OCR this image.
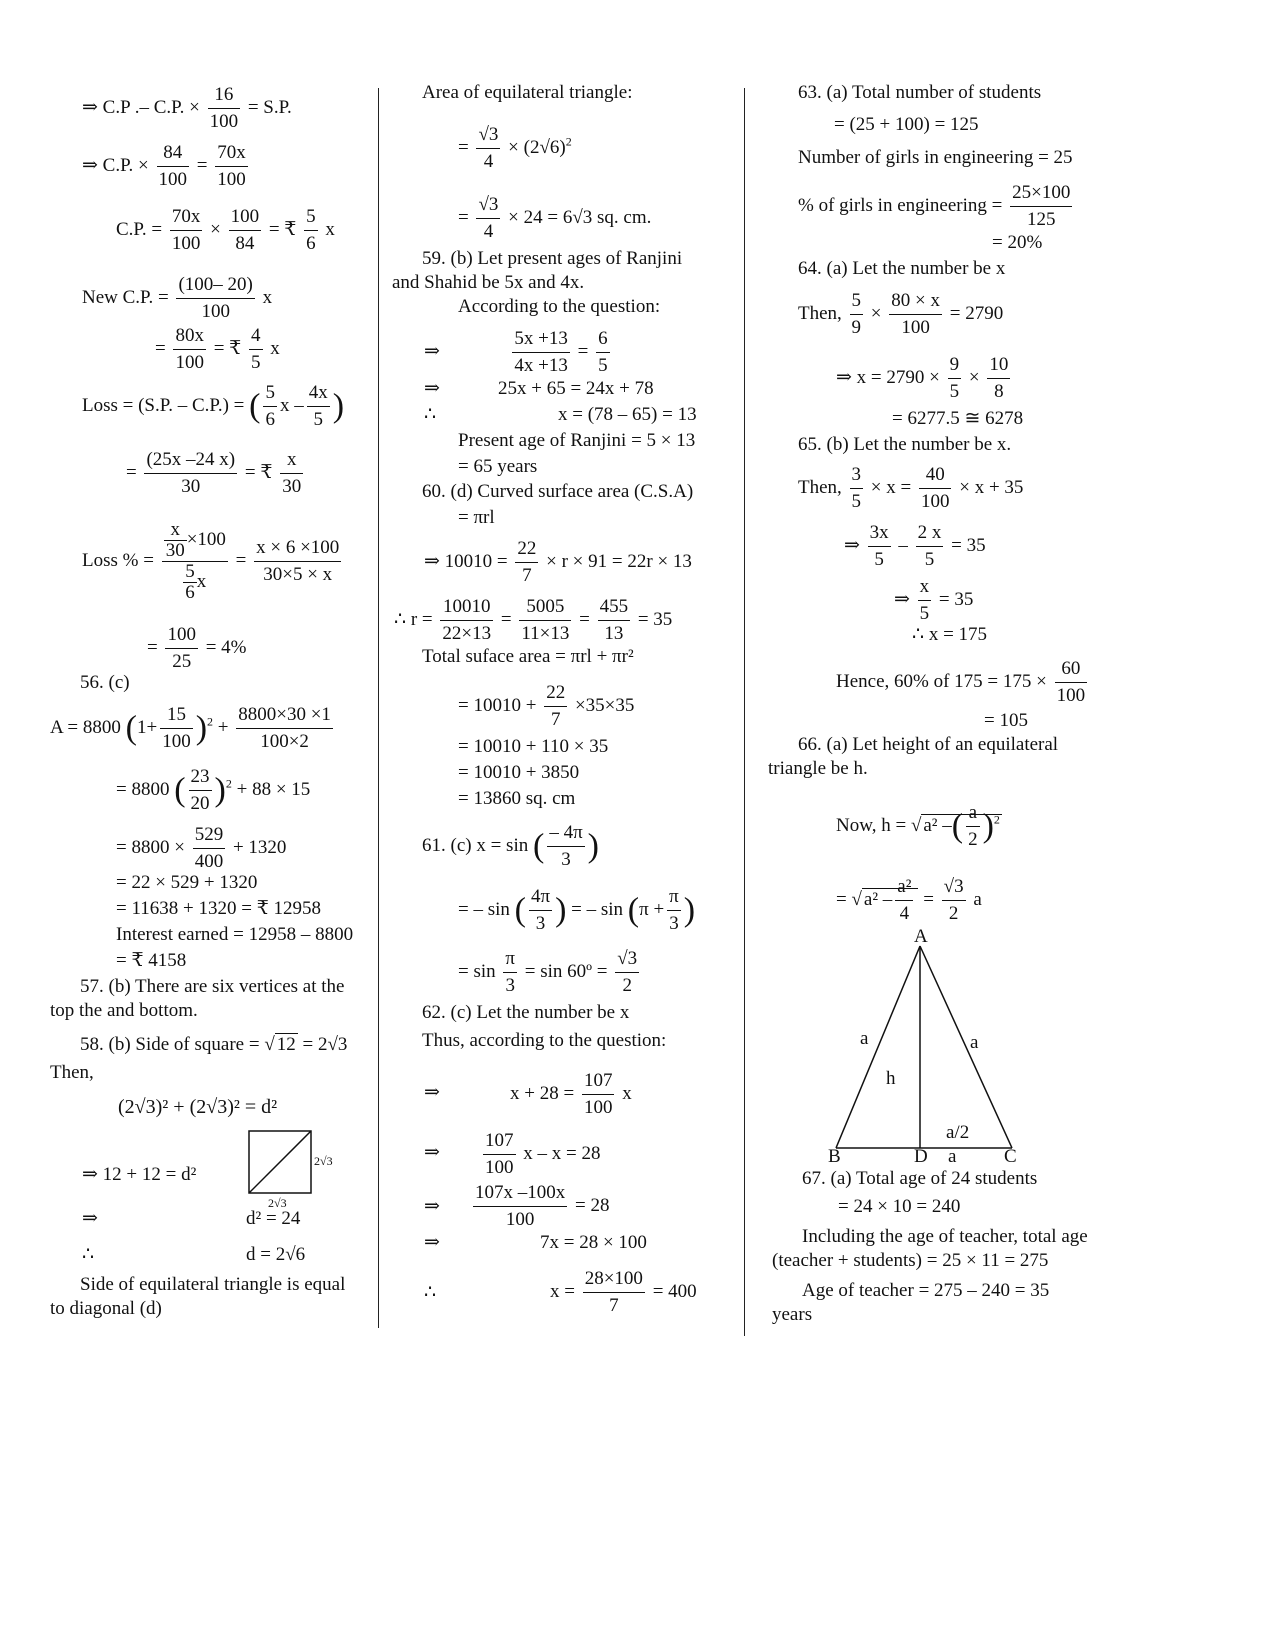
⇒ C.P .– C.P. × $\frac{16}{100} = S.P$.
⇒ C.P. × $\frac{84}{100} = \frac{70x}{100}$
C.P. = $\frac{70x}{100} \times \frac{100}{84}$ = ₹ $\frac{5}{6}$ x
New C.P. = $\frac{(100- 20)}{100}$ x
= $\frac{80x}{100}$ = ₹ $\frac{4}{5}$ x
Loss = (S.P. – C.P.) = ( $\frac{5}{6}$ x – $\frac{4x}{5}$ )
= $\frac{(25x -24 x)}{30}$ = ₹ $\frac{x}{30}$
Loss % = $\frac{\frac{x}{30} \times 100}{\frac{5}{6} x} = \frac{x \times 6 \times 100}{30\times 5 \times x}$
= $\frac{100}{25} = 4\%$
56. (c)
A = 8800 $(1+ \frac{15}{100} )^2 + \frac{8800\times 30 \times 1}{100\times 2}$
= 8800 ( $\frac{23}{20} )^2 + 88 \times 15$
= $8800 \times \frac{529}{400} + 1320$
= 22 × 529 + 1320
= 11638 + 1320 = ₹ 12958
Interest earned = 12958 – 8800
= ₹ 4158
57. (b) There are six vertices at the
top the and bottom.
58. (b) Side of square = √ 12 = 2√3
Then,
(2√3)² + (2√3)² = d²
⇒ 12 + 12 = d²
2√3
2√3
⇒	d² = 24
∴	d = 2√6
Side of equilateral triangle is equal
to diagonal (d)
Area of equilateral triangle:
= $\frac{√3}{4} \times (2√6)^2$
= $\frac{√3}{4} \times 24 = 6√3$ sq. cm.
59. (b) Let present ages of Ranjini
and Shahid be 5x and 4x.
According to the question:
⇒	$\frac{5x +13}{4x +13} = \frac{6}{5}$
⇒	25x + 65 = 24x + 78
∴	x = (78 – 65) = 13
Present age of Ranjini = 5 × 13
= 65 years
60. (d) Curved surface area (C.S.A)
= πrl
⇒ $10010 = \frac{22}{7} \times r \times 91 = 22r \times 13$
∴ $r = \frac{10010}{22\times 13} = \frac{5005}{11\times 13} = \frac{455}{13} = 35$
Total suface area = πrl + πr²
= $10010 + \frac{22}{7} \times 35\times 35$
= 10010 + 110 × 35
= 10010 + 3850
= 13860 sq. cm
61. (c) x = sin ( $\frac{- 4\pi}{3}$ )
= – sin ( $\frac{4\pi}{3}$ ) = – $\sin (\pi + \frac{\pi}{3}$ )
= $\sin \frac{\pi}{3} = \sin$ 60º = $\frac{√3}{2}$
62. (c) Let the number be x
Thus, according to the question:
⇒	$x + 28 = \frac{107}{100}$ x
⇒ $\frac{107}{100}$ x – x = 28
⇒ $\frac{107x -100x}{100} = 28$
⇒	7x = 28 × 100
∴	$x = \frac{28\times 100}{7} = 400$
63. (a) Total number of students
= (25 + 100) = 125
Number of girls in engineering = 25
% of girls in engineering = $\frac{25\times 100}{125}$
= 20%
64. (a) Let the number be x
Then, $\frac{5}{9} \times \frac{80 \times x}{100} = 2790$
⇒ $x = 2790 \times \frac{9}{5} \times \frac{10}{8}$
= 6277.5 ≅ 6278
65. (b) Let the number be x.
Then, $\frac{3}{5} \times x = \frac{40}{100} \times x + 35$
⇒ $\frac{3x}{5} - \frac{2 x}{5} = 35$
⇒ $\frac{x}{5} = 35$
∴ x = 175
Hence, 60% of $175 = 175 \times \frac{60}{100}$
= 105
66. (a) Let height of an equilateral
triangle be h.
Now, h = √ a² –( $\frac{a}{2} )^2$
= √ $a^2 - \frac{\text{a²}}{4} = \frac{√3}{2}$ a
A
B	D	C
a	a
h
a/2
a
67. (a) Total age of 24 students
= 24 × 10 = 240
Including the age of teacher, total age
(teacher + students) = 25 × 11 = 275
Age of teacher = 275 – 240 = 35
years
